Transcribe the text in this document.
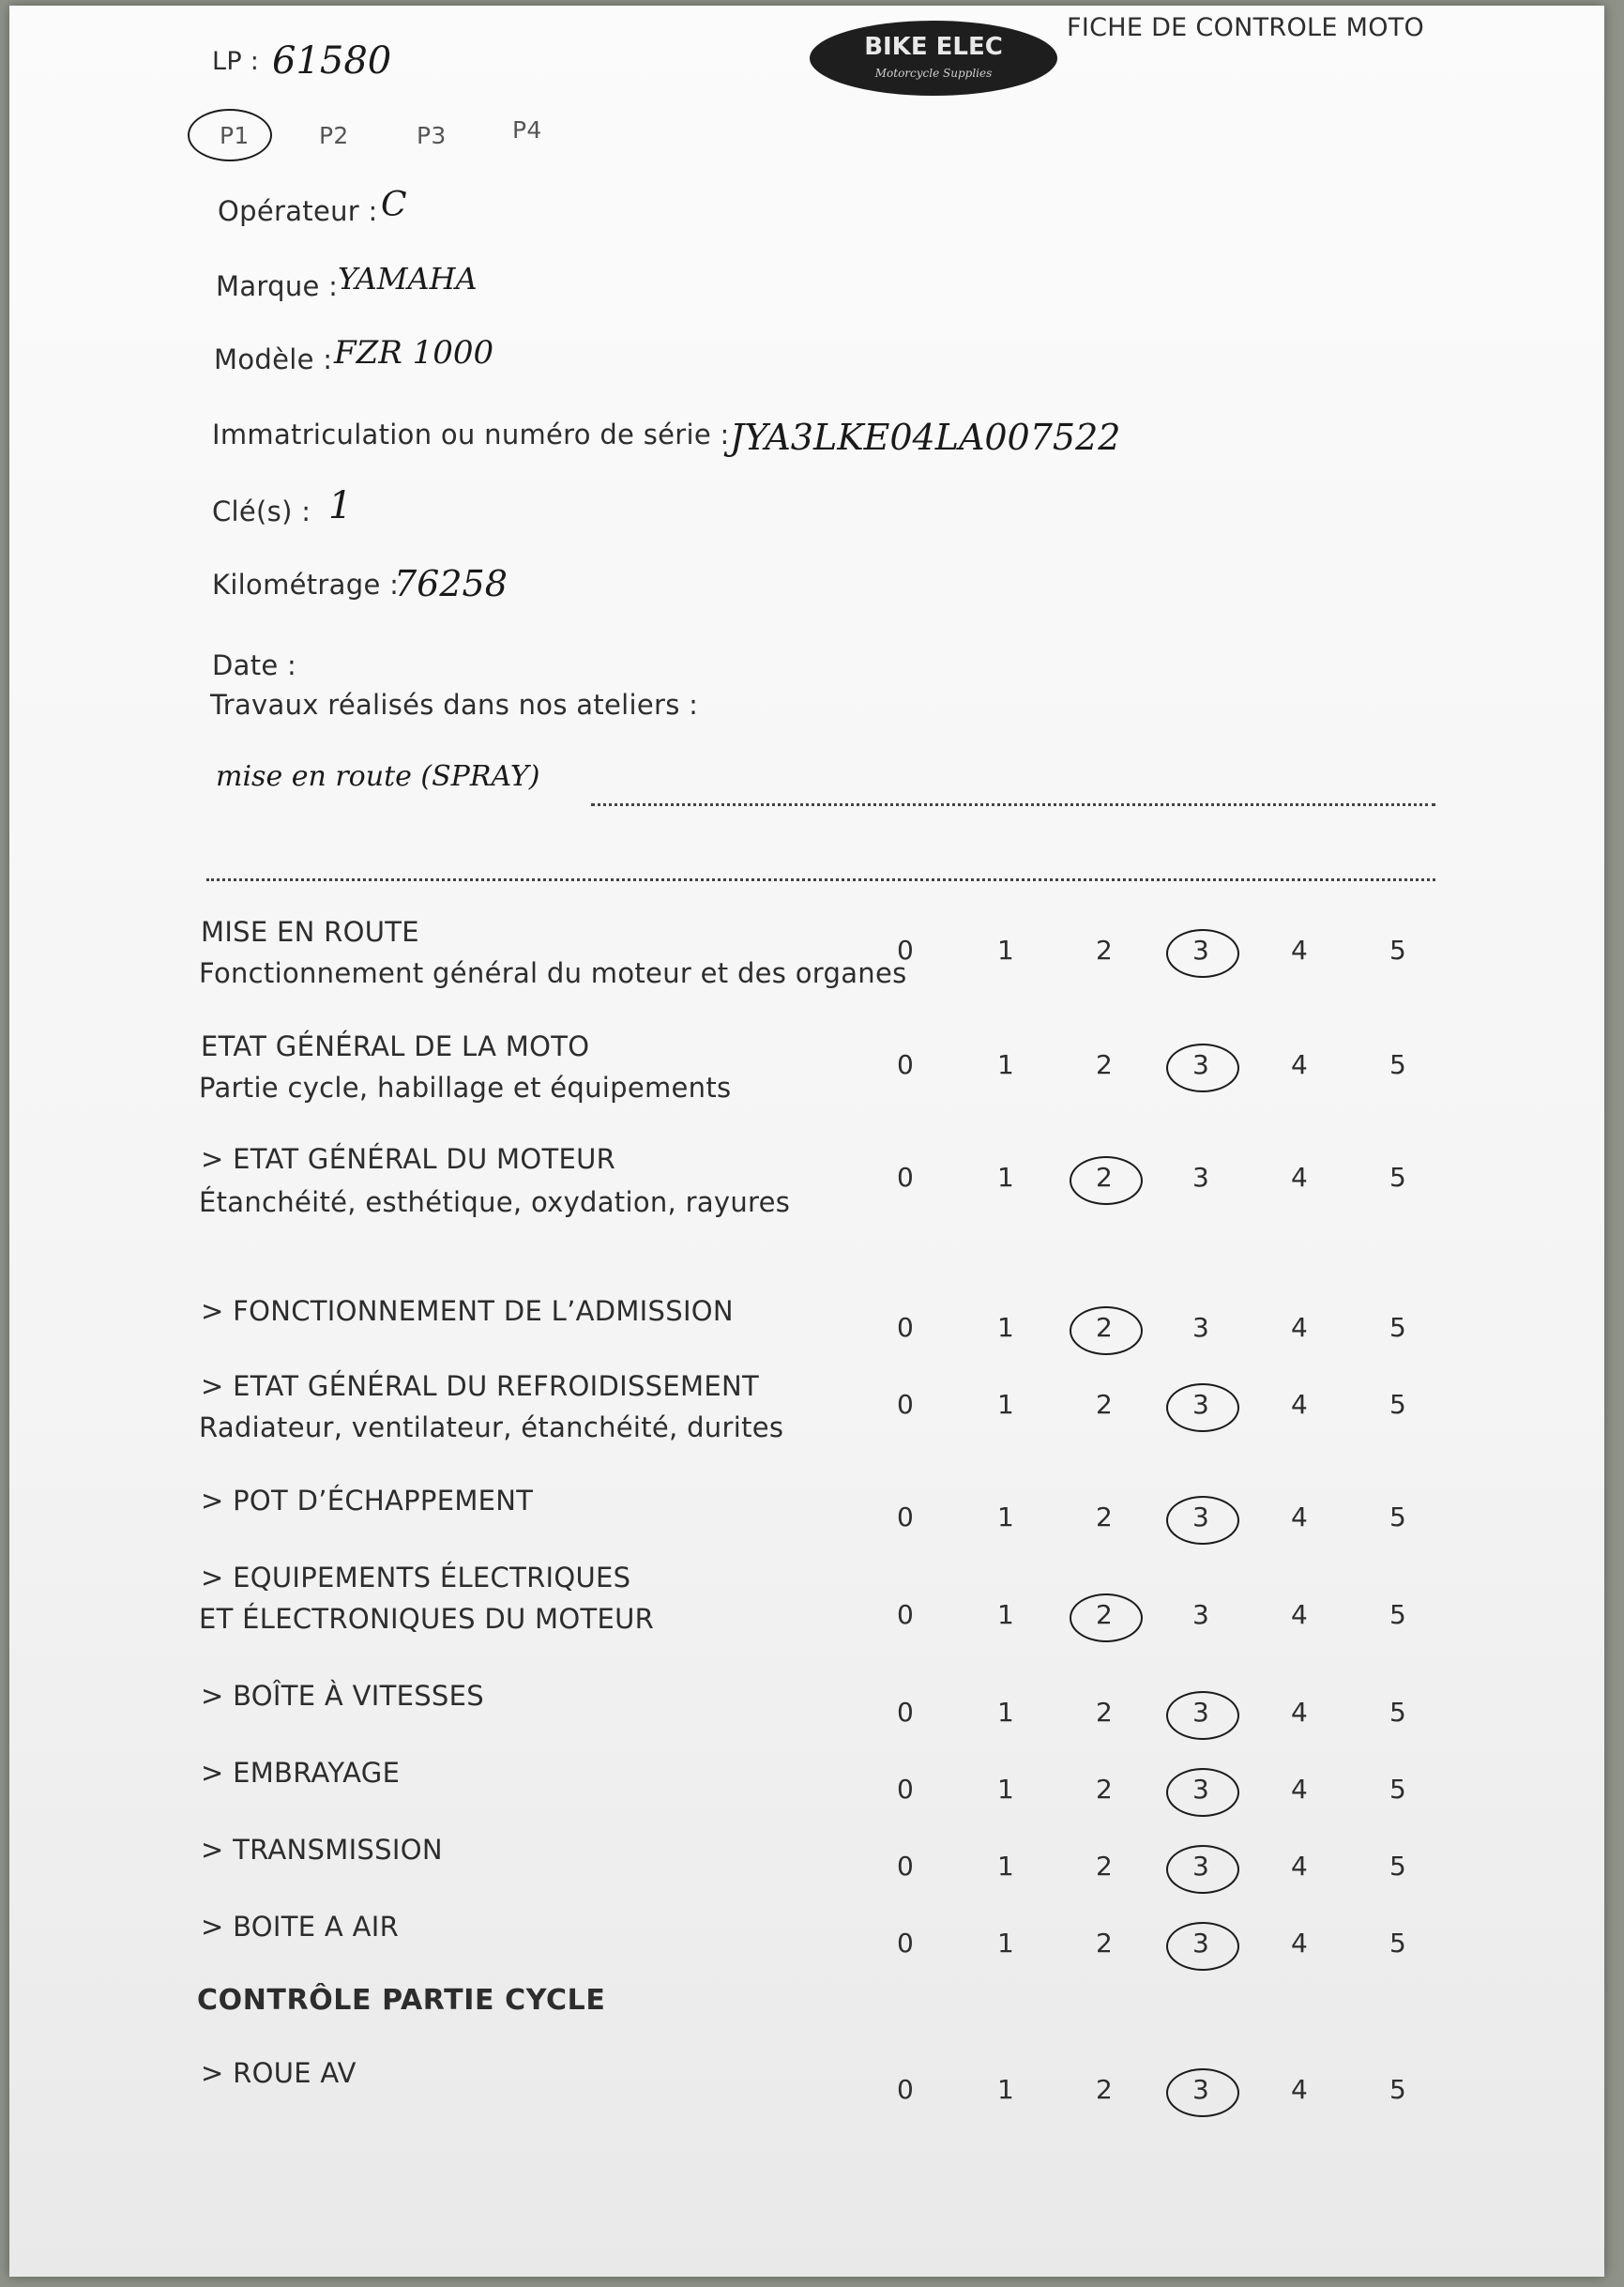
BIKE ELEC
Motorcycle Supplies
FICHE DE CONTROLE MOTO
LP : 61580
P1	P2	P3	P4
Opérateur : C
Marque : YAMAHA
Modèle : FZR 1000
Immatriculation ou numéro de série : JYA3LKE04LA007522
Clé(s) : 1
Kilométrage :
76258
Date :
Travaux réalisés dans nos ateliers :
mise en route (SPRAY)
MISE EN ROUTE
Fonctionnement général du moteur et des organes
0	1	2	3	4	5
ETAT GÉNÉRAL DE LA MOTO
Partie cycle, habillage et équipements
0	1	2	3	4	5
> ETAT GÉNÉRAL DU MOTEUR
Étanchéité, esthétique, oxydation, rayures
0	1	2	3	4	5
> FONCTIONNEMENT DE L’ADMISSION
0	1	2	3	4	5
> ETAT GÉNÉRAL DU REFROIDISSEMENT
Radiateur, ventilateur, étanchéité, durites
0	1	2	3	4	5
> POT D’ÉCHAPPEMENT
0	1	2	3	4	5
> EQUIPEMENTS ÉLECTRIQUES
ET ÉLECTRONIQUES DU MOTEUR	0	1	2	3	4	5
> BOÎTE À VITESSES
0	1	2	3	4	5
> EMBRAYAGE
0	1	2	3	4	5
> TRANSMISSION
0	1	2	3	4	5
> BOITE A AIR
0	1	2	3	4	5
CONTRÔLE PARTIE CYCLE
> ROUE AV
0	1	2	3	4	5
